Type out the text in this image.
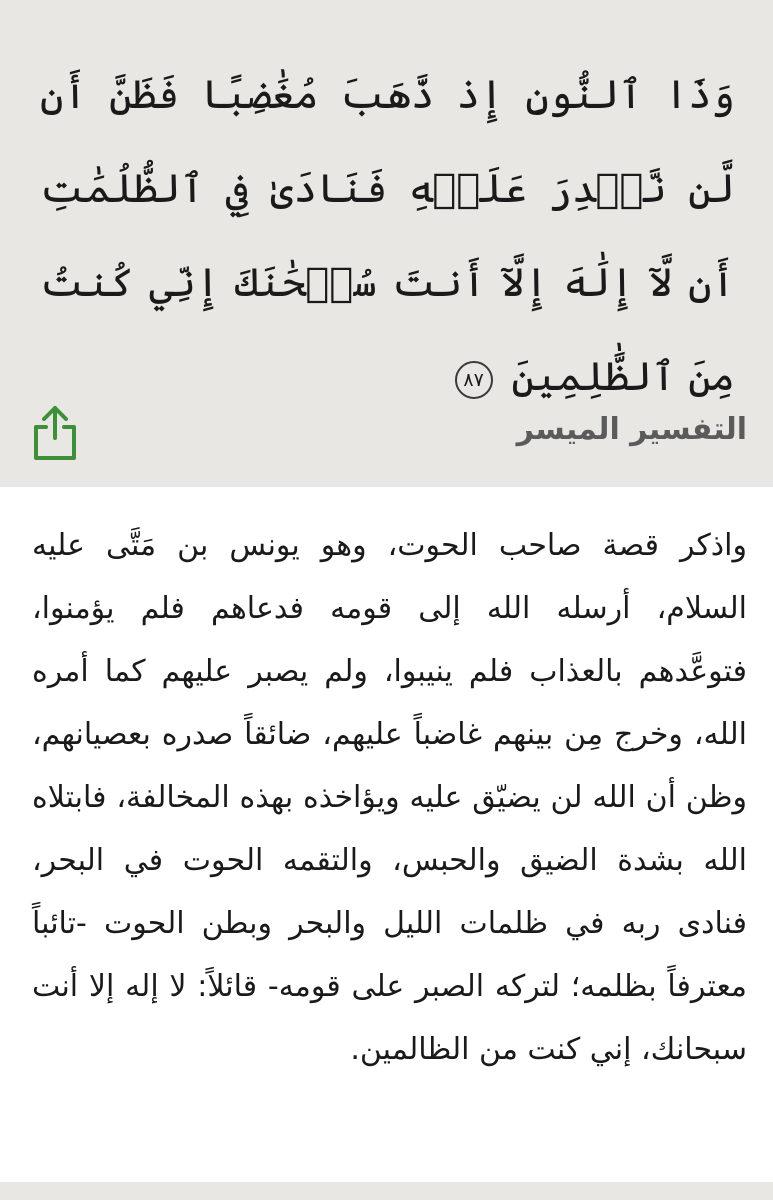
وَذَا ٱلنُّونِ إِذ ذَّهَبَ مُغَٰضِبًا فَظَنَّ أَن لَّن نَّقۡدِرَ عَلَيۡهِ فَنَادَىٰ فِي ٱلظُّلُمَٰتِ أَن لَّآ إِلَٰهَ إِلَّآ أَنتَ سُبۡحَٰنَكَ إِنِّي كُنتُ مِنَ ٱلظَّٰلِمِينَ ٨٧
التفسير الميسر
واذكر قصة صاحب الحوت، وهو يونس بن مَتَّى عليه السلام، أرسله الله إلى قومه فدعاهم فلم يؤمنوا، فتوعَّدهم بالعذاب فلم ينيبوا، ولم يصبر عليهم كما أمره الله، وخرج مِن بينهم غاضباً عليهم، ضائقاً صدره بعصيانهم، وظن أن الله لن يضيّق عليه ويؤاخذه بهذه المخالفة، فابتلاه الله بشدة الضيق والحبس، والتقمه الحوت في البحر، فنادى ربه في ظلمات الليل والبحر وبطن الحوت -تائباً معترفاً بظلمه؛ لتركه الصبر على قومه- قائلاً: لا إله إلا أنت سبحانك، إني كنت من الظالمين.
